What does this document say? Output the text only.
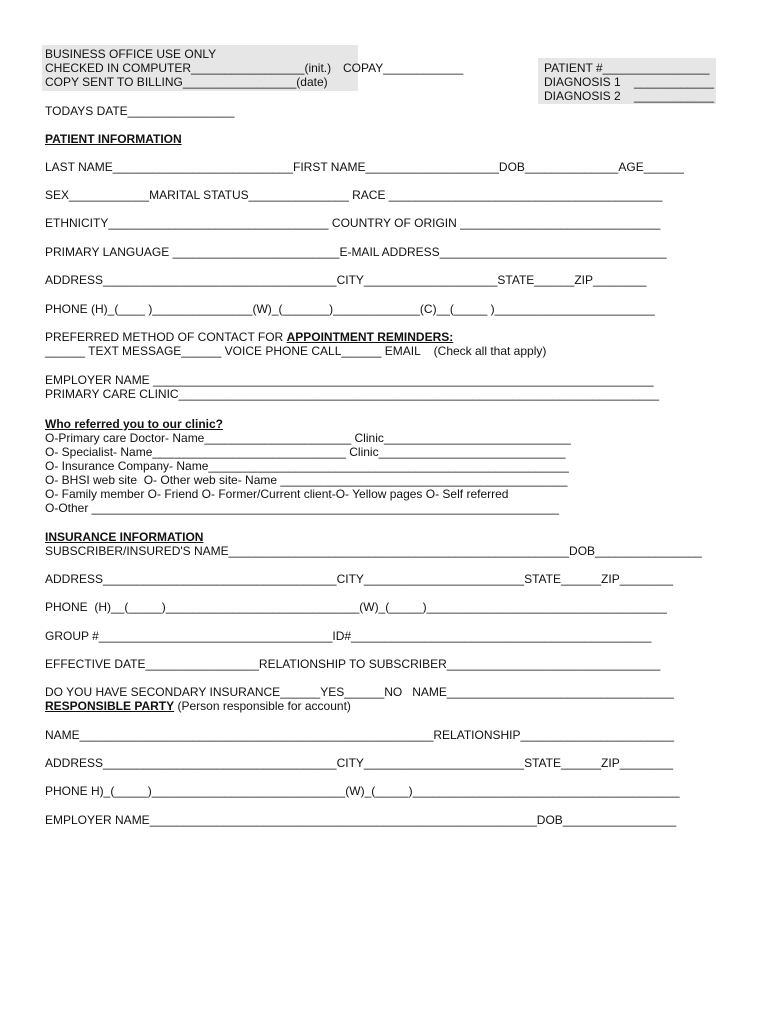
BUSINESS OFFICE USE ONLY
CHECKED IN COMPUTER_________________(init.) COPAY____________
COPY SENT TO BILLING_________________(date)
PATIENT #________________
DIAGNOSIS 1    ____________
DIAGNOSIS 2    ____________
TODAYS DATE________________
PATIENT INFORMATION
LAST NAME___________________________FIRST NAME____________________DOB______________AGE______
SEX____________MARITAL STATUS_______________ RACE _________________________________________
ETHNICITY_________________________________ COUNTRY OF ORIGIN ______________________________
PRIMARY LANGUAGE _________________________E-MAIL ADDRESS__________________________________
ADDRESS___________________________________CITY____________________STATE______ZIP________
PHONE (H)_(____ )_______________(W)_(_______)_____________(C)__(_____ )________________________
PREFERRED METHOD OF CONTACT FOR APPOINTMENT REMINDERS:
______ TEXT MESSAGE______ VOICE PHONE CALL______ EMAIL    (Check all that apply)
EMPLOYER NAME ___________________________________________________________________________
PRIMARY CARE CLINIC________________________________________________________________________
Who referred you to our clinic?
O-Primary care Doctor- Name______________________ Clinic____________________________
O- Specialist- Name_____________________________ Clinic____________________________
O- Insurance Company- Name______________________________________________________
O- BHSI web site  O- Other web site- Name ___________________________________________
O- Family member O- Friend O- Former/Current client-O- Yellow pages O- Self referred
O-Other ______________________________________________________________________
INSURANCE INFORMATION
SUBSCRIBER/INSURED'S NAME___________________________________________________DOB________________
ADDRESS___________________________________CITY________________________STATE______ZIP________
PHONE  (H)__(_____)_____________________________(W)_(_____)____________________________________
GROUP #___________________________________ID#_____________________________________________
EFFECTIVE DATE_________________RELATIONSHIP TO SUBSCRIBER________________________________
DO YOU HAVE SECONDARY INSURANCE______YES______NO   NAME__________________________________
RESPONSIBLE PARTY (Person responsible for account)
NAME_____________________________________________________RELATIONSHIP_______________________
ADDRESS___________________________________CITY________________________STATE______ZIP________
PHONE H)_(_____)_____________________________(W)_(_____)________________________________________
EMPLOYER NAME__________________________________________________________DOB_________________
